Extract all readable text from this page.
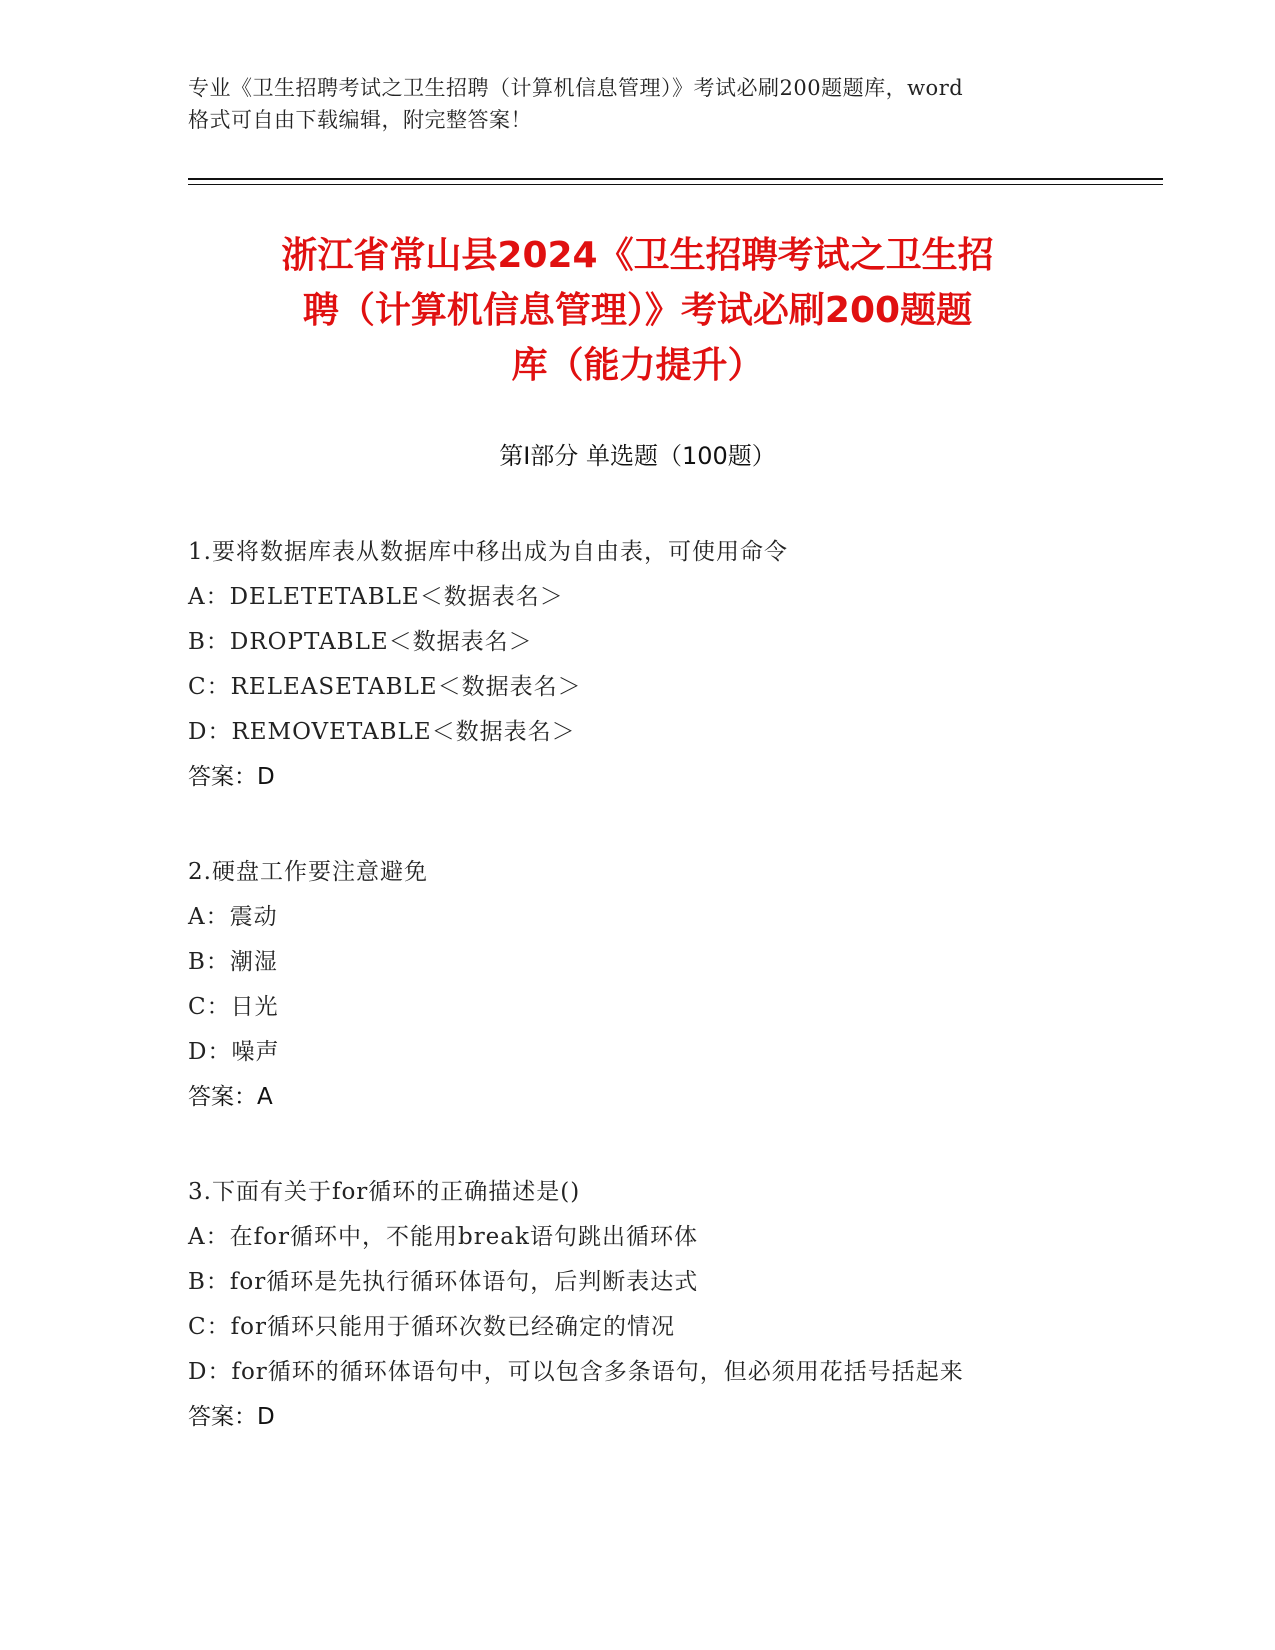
专业《卫生招聘考试之卫生招聘（计算机信息管理）》考试必刷200题题库，word
格式可自由下载编辑，附完整答案！
浙江省常山县2024《卫生招聘考试之卫生招
聘（计算机信息管理）》考试必刷200题题
库（能力提升）
第Ⅰ部分 单选题（100题）
1.要将数据库表从数据库中移出成为自由表，可使用命令
A：DELETETABLE＜数据表名＞
B：DROPTABLE＜数据表名＞
C：RELEASETABLE＜数据表名＞
D：REMOVETABLE＜数据表名＞
答案：D
2.硬盘工作要注意避免
A：震动
B：潮湿
C：日光
D：噪声
答案：A
3.下面有关于for循环的正确描述是()
A：在for循环中，不能用break语句跳出循环体
B：for循环是先执行循环体语句，后判断表达式
C：for循环只能用于循环次数已经确定的情况
D：for循环的循环体语句中，可以包含多条语句，但必须用花括号括起来
答案：D
